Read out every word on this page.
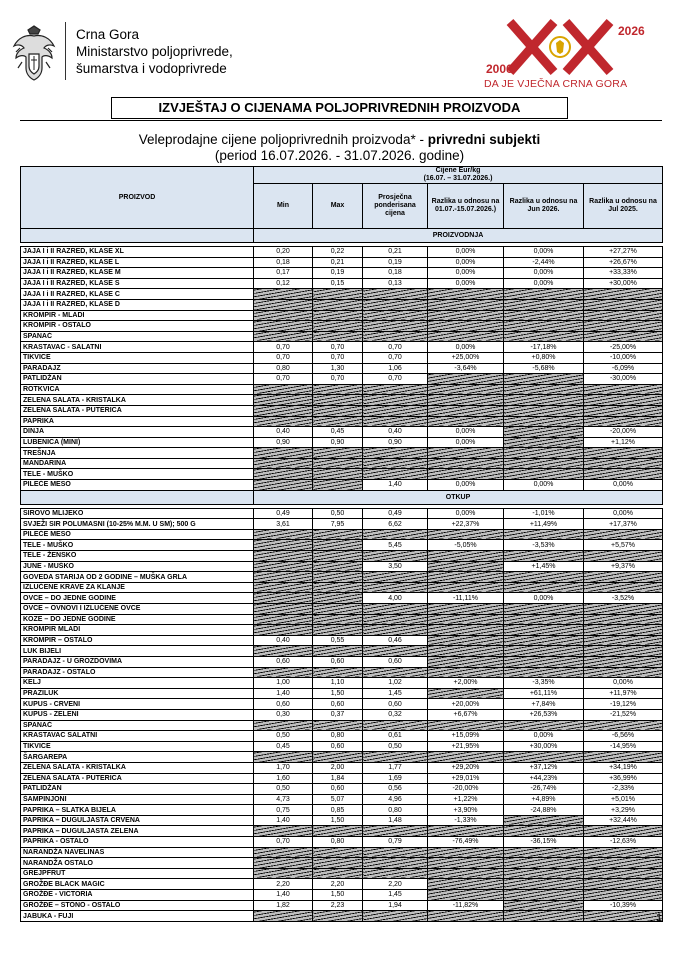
Crna Gora
Ministarstvo poljoprivrede,
šumarstva i vodoprivrede	2006
2026
DA JE VJEČNA CRNA GORA
IZVJEŠTAJ O CIJENAMA POLJOPRIVREDNIH PROIZVODA
Veleprodajne cijene poljoprivrednih proizvoda* - privredni subjekti
(period 16.07.2026. - 31.07.2026. godine)
PROIZVOD	Cijene Eur/kg
(16.07. – 31.07.2026.)					
	Min	Max	Prosječna ponderisana cijena	Razlika u odnosu na 01.07.-15.07.2026.)	Razlika u odnosu na Jun 2026.	Razlika u odnosu na Jul 2025.
	PROIZVODNJA					

JAJA I i II RAZRED, KLASE XL	0,20	0,22	0,21	0,00%	0,00%	+27,27%
JAJA I i II RAZRED, KLASE L	0,18	0,21	0,19	0,00%	-2,44%	+26,67%
JAJA I i II RAZRED, KLASE M	0,17	0,19	0,18	0,00%	0,00%	+33,33%
JAJA I i II RAZRED, KLASE S	0,12	0,15	0,13	0,00%	0,00%	+30,00%
JAJA I i II RAZRED, KLASE C						
JAJA I i II RAZRED, KLASE D						
KROMPIR - MLADI						
KROMPIR - OSTALO						
SPANAĆ						
KRASTAVAC - SALATNI	0,70	0,70	0,70	0,00%	-17,18%	-25,00%
TIKVICE	0,70	0,70	0,70	+25,00%	+0,80%	-10,00%
PARADAJZ	0,80	1,30	1,06	-3,64%	-5,68%	-6,09%
PATLIDŽAN	0,70	0,70	0,70			-30,00%
ROTKVICA						
ZELENA SALATA - KRISTALKA						
ZELENA SALATA - PUTERICA						
PAPRIKA						
DINJA	0,40	0,45	0,40	0,00%		-20,00%
LUBENICA (MINI)	0,90	0,90	0,90	0,00%		+1,12%
TREŠNJA						
MANDARINA						
TELE - MUŠKO						
PILEĆE MESO			1,40	0,00%	0,00%	0,00%
	OTKUP					

SIROVO MLIJEKO	0,49	0,50	0,49	0,00%	-1,01%	0,00%
SVJEŽI SIR POLUMASNI (10-25% M.M. U SM); 500 G	3,61	7,95	6,62	+22,37%	+11,49%	+17,37%
PILEĆE MESO						
TELE - MUŠKO			5,45	-5,05%	-3,53%	+5,57%
TELE - ŽENSKO						
JUNE - MUŠKO			3,50		+1,45%	+9,37%
GOVEDA STARIJA OD 2 GODINE – MUŠKA GRLA						
IZLUČENE KRAVE ZA KLANJE						
OVCE – DO JEDNE GODINE			4,00	-11,11%	0,00%	-3,52%
OVCE – OVNOVI I IZLUČENE OVCE						
KOZE – DO JEDNE GODINE						
KROMPIR MLADI						
KROMPIR – OSTALO	0,40	0,55	0,46			
LUK BIJELI						
PARADAJZ - U GROZDOVIMA	0,60	0,60	0,60			
PARADAJZ - OSTALO						
KELJ	1,00	1,10	1,02	+2,00%	-3,35%	0,00%
PRAZILUK	1,40	1,50	1,45		+61,11%	+11,97%
KUPUS - CRVENI	0,60	0,60	0,60	+20,00%	+7,84%	-19,12%
KUPUS - ZELENI	0,30	0,37	0,32	+6,67%	+26,53%	-21,52%
SPANAĆ						
KRASTAVAC SALATNI	0,50	0,80	0,61	+15,09%	0,00%	-6,56%
TIKVICE	0,45	0,60	0,50	+21,95%	+30,00%	-14,95%
ŠARGAREPA						
ZELENA SALATA - KRISTALKA	1,70	2,00	1,77	+29,20%	+37,12%	+34,19%
ZELENA SALATA - PUTERICA	1,60	1,84	1,69	+29,01%	+44,23%	+36,99%
PATLIDŽAN	0,50	0,60	0,56	-20,00%	-26,74%	-2,33%
ŠAMPINJONI	4,73	5,07	4,96	+1,22%	+4,89%	+5,01%
PAPRIKA – SLATKA BIJELA	0,75	0,85	0,80	+3,90%	-24,88%	+3,29%
PAPRIKA – DUGULJASTA CRVENA	1,40	1,50	1,48	-1,33%		+32,44%
PAPRIKA – DUGULJASTA ZELENA						
PAPRIKA - OSTALO	0,70	0,80	0,79	-76,49%	-36,15%	-12,63%
NARANDŽA NAVELINAS						
NARANDŽA OSTALO						
GREJPFRUT						
GROŽĐE BLACK MAGIC	2,20	2,20	2,20			
GROŽĐE - VICTORIA	1,40	1,50	1,45			
GROŽĐE – STONO - OSTALO	1,82	2,23	1,94	-11,82%		-10,39%
JABUKA - FUJI							1
